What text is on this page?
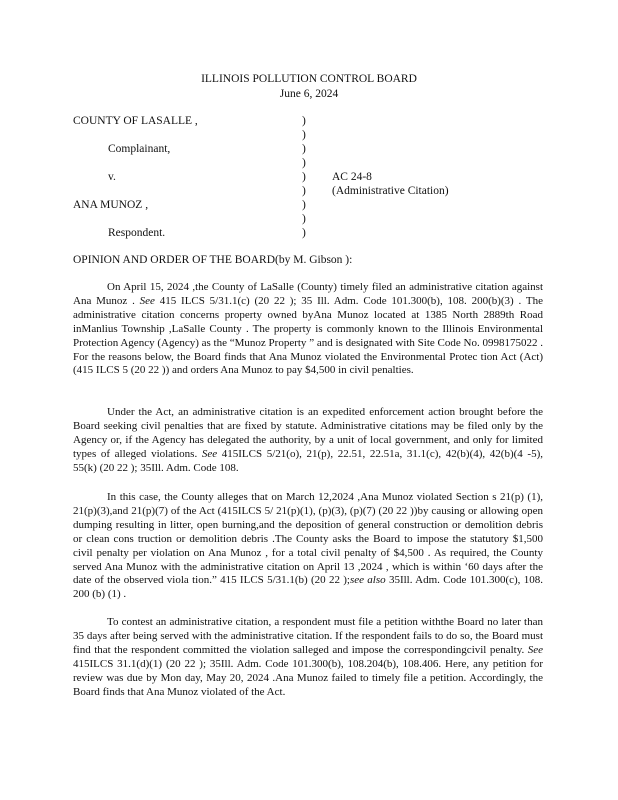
ILLINOIS POLLUTION CONTROL BOARD
June 6, 2024
COUNTY OF LASALLE ,
Complainant,
v.
ANA MUNOZ ,
Respondent.
AC 24-8
(Administrative Citation)
)
)
)
)
)
)
)
)
)
OPINION AND ORDER OF THE BOARD(by M. Gibson ):

On April 15, 2024 ,the County of LaSalle (County) timely filed an administrative citation against Ana Munoz . See 415 ILCS 5/31.1(c) (20 22 ); 35 Ill. Adm. Code 101.300(b), 108. 200(b)(3) . The administrative citation concerns property owned byAna Munoz located at 1385 North 2889th Road inManlius Township ,LaSalle County . The property is commonly known to the Illinois Environmental Protection Agency (Agency) as the “Munoz Property ” and is designated with Site Code No. 0998175022 . For the reasons below, the Board finds that Ana Munoz violated the Environmental Protec tion Act (Act) (415 ILCS 5 (20 22 )) and orders Ana Munoz to pay $4,500 in civil penalties.

Under the Act, an administrative citation is an expedited enforcement action brought before the Board seeking civil penalties that are fixed by statute. Administrative citations may be filed only by the Agency or, if the Agency has delegated the authority, by a unit of local government, and only for limited types of alleged violations. See 415ILCS 5/21(o), 21(p), 22.51, 22.51a, 31.1(c), 42(b)(4), 42(b)(4 -5), 55(k) (20 22 ); 35Ill. Adm. Code 108.

In this case, the County alleges that on March 12,2024 ,Ana Munoz violated Section s 21(p) (1), 21(p)(3),and 21(p)(7) of the Act (415ILCS 5/ 21(p)(1), (p)(3), (p)(7) (20 22 ))by causing or allowing open dumping resulting in litter, open burning,and the deposition of general construction or demolition debris or clean cons truction or demolition debris .The County asks the Board to impose the statutory $1,500 civil penalty per violation on Ana Munoz , for a total civil penalty of $4,500 . As required, the County served Ana Munoz with the administrative citation on April 13 ,2024 , which is within ‘60 days after the date of the observed viola tion.” 415 ILCS 5/31.1(b) (20 22 );see also 35Ill. Adm. Code 101.300(c), 108. 200 (b) (1) .

To contest an administrative citation, a respondent must file a petition withthe Board no later than 35 days after being served with the administrative citation. If the respondent fails to do so, the Board must find that the respondent committed the violation salleged and impose the correspondingcivil penalty. See 415ILCS 31.1(d)(1) (20 22 ); 35Ill. Adm. Code 101.300(b), 108.204(b), 108.406. Here, any petition for review was due by Mon day, May 20, 2024 .Ana Munoz failed to timely file a petition. Accordingly, the Board finds that Ana Munoz violated of the Act.
